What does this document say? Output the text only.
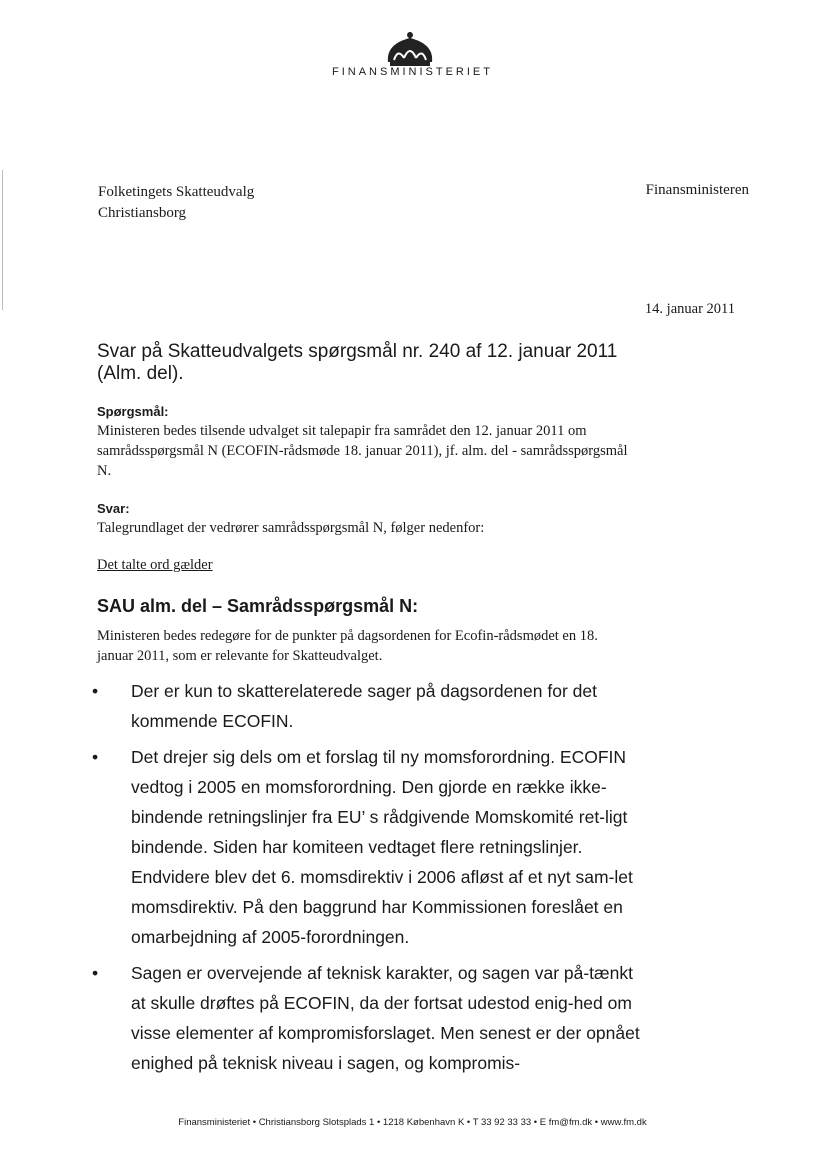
FINANSMINISTERIET
Folketingets Skatteudvalg
Christiansborg
Finansministeren
14. januar 2011
Svar på Skatteudvalgets spørgsmål nr. 240 af 12. januar 2011 (Alm. del).
Spørgsmål:
Ministeren bedes tilsende udvalget sit talepapir fra samrådet den 12. januar 2011 om samrådsspørgsmål N (ECOFIN-rådsmøde 18. januar 2011), jf. alm. del - samrådsspørgsmål N.
Svar:
Talegrundlaget der vedrører samrådsspørgsmål N, følger nedenfor:
Det talte ord gælder
SAU alm. del – Samrådsspørgsmål N:
Ministeren bedes redegøre for de punkter på dagsordenen for Ecofin-rådsmødet en 18. januar 2011, som er relevante for Skatteudvalget.
• Der er kun to skatterelaterede sager på dagsordenen for det kommende ECOFIN.
• Det drejer sig dels om et forslag til ny momsforordning. ECOFIN vedtog i 2005 en momsforordning. Den gjorde en række ikke-bindende retningslinjer fra EU’ s rådgivende Momskomité ret-ligt bindende. Siden har komiteen vedtaget flere retningslinjer. Endvidere blev det 6. momsdirektiv i 2006 afløst af et nyt sam-let momsdirektiv. På den baggrund har Kommissionen foreslået en omarbejdning af 2005-forordningen.
• Sagen er overvejende af teknisk karakter, og sagen var på-tænkt at skulle drøftes på ECOFIN, da der fortsat udestod enig-hed om visse elementer af kompromisforslaget. Men senest er der opnået enighed på teknisk niveau i sagen, og kompromis-
Finansministeriet • Christiansborg Slotsplads 1 • 1218 København K • T 33 92 33 33 • E fm@fm.dk • www.fm.dk
